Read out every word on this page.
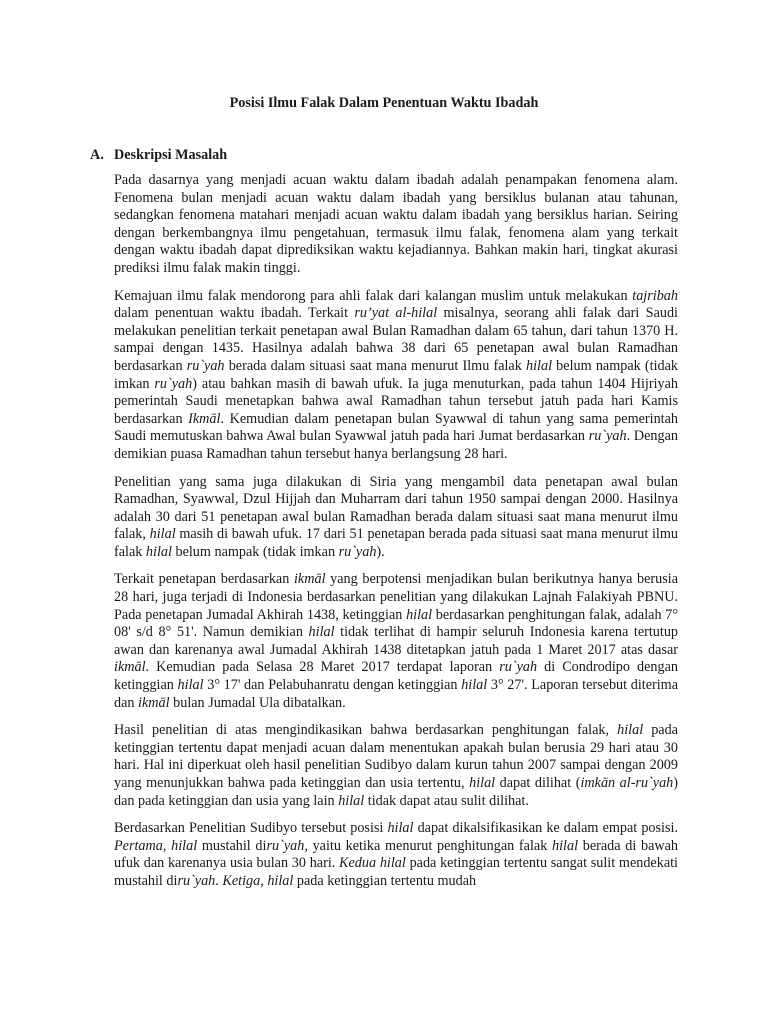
Posisi Ilmu Falak Dalam Penentuan Waktu Ibadah
A. Deskripsi Masalah

Pada dasarnya yang menjadi acuan waktu dalam ibadah adalah penampakan fenomena alam. Fenomena bulan menjadi acuan waktu dalam ibadah yang bersiklus bulanan atau tahunan, sedangkan fenomena matahari menjadi acuan waktu dalam ibadah yang bersiklus harian. Seiring dengan berkembangnya ilmu pengetahuan, termasuk ilmu falak, fenomena alam yang terkait dengan waktu ibadah dapat diprediksikan waktu kejadiannya. Bahkan makin hari, tingkat akurasi prediksi ilmu falak makin tinggi.

Kemajuan ilmu falak mendorong para ahli falak dari kalangan muslim untuk melakukan tajribah dalam penentuan waktu ibadah. Terkait ru’yat al-hilal misalnya, seorang ahli falak dari Saudi melakukan penelitian terkait penetapan awal Bulan Ramadhan dalam 65 tahun, dari tahun 1370 H. sampai dengan 1435. Hasilnya adalah bahwa 38 dari 65 penetapan awal bulan Ramadhan berdasarkan ru`yah berada dalam situasi saat mana menurut Ilmu falak hilal belum nampak (tidak imkan ru`yah) atau bahkan masih di bawah ufuk. Ia juga menuturkan, pada tahun 1404 Hijriyah pemerintah Saudi menetapkan bahwa awal Ramadhan tahun tersebut jatuh pada hari Kamis berdasarkan Ikmāl. Kemudian dalam penetapan bulan Syawwal di tahun yang sama pemerintah Saudi memutuskan bahwa Awal bulan Syawwal jatuh pada hari Jumat berdasarkan ru`yah. Dengan demikian puasa Ramadhan tahun tersebut hanya berlangsung 28 hari.

Penelitian yang sama juga dilakukan di Siria yang mengambil data penetapan awal bulan Ramadhan, Syawwal, Dzul Hijjah dan Muharram dari tahun 1950 sampai dengan 2000. Hasilnya adalah 30 dari 51 penetapan awal bulan Ramadhan berada dalam situasi saat mana menurut ilmu falak, hilal masih di bawah ufuk. 17 dari 51 penetapan berada pada situasi saat mana menurut ilmu falak hilal belum nampak (tidak imkan ru`yah).

Terkait penetapan berdasarkan ikmāl yang berpotensi menjadikan bulan berikutnya hanya berusia 28 hari, juga terjadi di Indonesia berdasarkan penelitian yang dilakukan Lajnah Falakiyah PBNU. Pada penetapan Jumadal Akhirah 1438, ketinggian hilal berdasarkan penghitungan falak, adalah 7° 08' s/d 8° 51'. Namun demikian hilal tidak terlihat di hampir seluruh Indonesia karena tertutup awan dan karenanya awal Jumadal Akhirah 1438 ditetapkan jatuh pada 1 Maret 2017 atas dasar ikmāl. Kemudian pada Selasa 28 Maret 2017 terdapat laporan ru`yah di Condrodipo dengan ketinggian hilal 3° 17' dan Pelabuhanratu dengan ketinggian hilal 3° 27'. Laporan tersebut diterima dan ikmāl bulan Jumadal Ula dibatalkan.

Hasil penelitian di atas mengindikasikan bahwa berdasarkan penghitungan falak, hilal pada ketinggian tertentu dapat menjadi acuan dalam menentukan apakah bulan berusia 29 hari atau 30 hari. Hal ini diperkuat oleh hasil penelitian Sudibyo dalam kurun tahun 2007 sampai dengan 2009 yang menunjukkan bahwa pada ketinggian dan usia tertentu, hilal dapat dilihat (imkān al-ru`yah) dan pada ketinggian dan usia yang lain hilal tidak dapat atau sulit dilihat.

Berdasarkan Penelitian Sudibyo tersebut posisi hilal dapat dikalsifikasikan ke dalam empat posisi. Pertama, hilal mustahil diru`yah, yaitu ketika menurut penghitungan falak hilal berada di bawah ufuk dan karenanya usia bulan 30 hari. Kedua hilal pada ketinggian tertentu sangat sulit mendekati mustahil diru`yah. Ketiga, hilal pada ketinggian tertentu mudah
